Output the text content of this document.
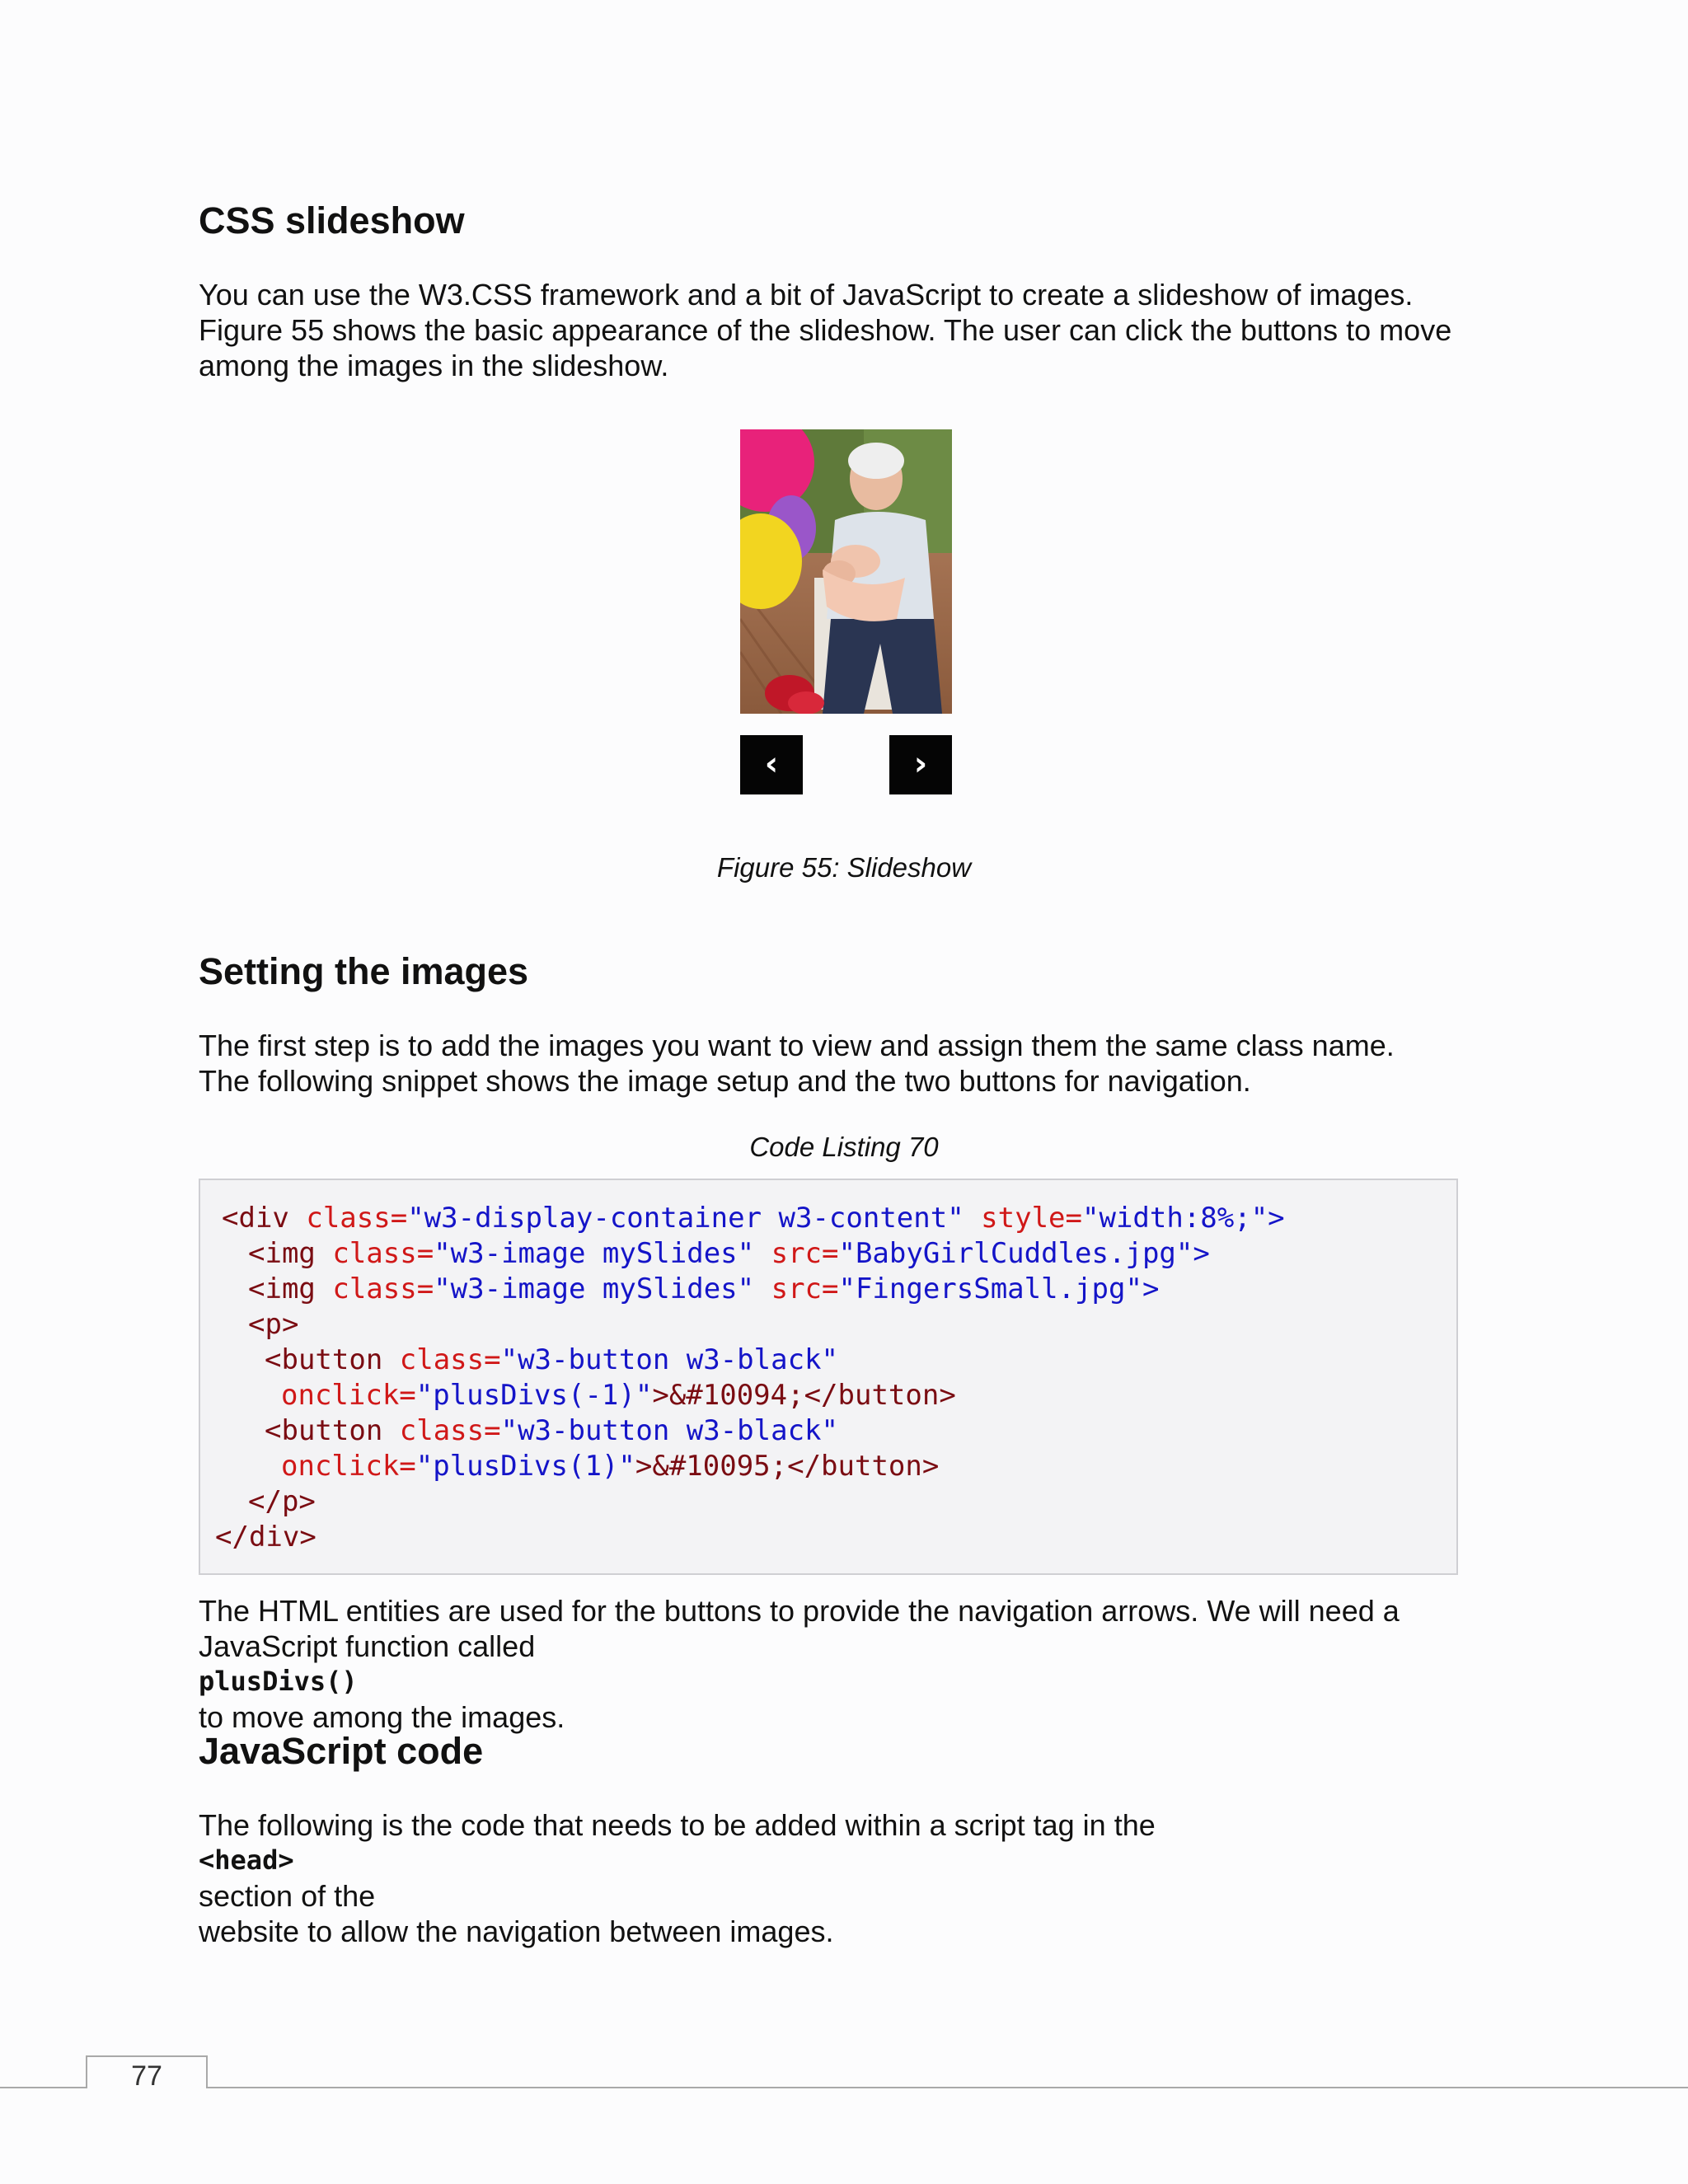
CSS slideshow

You can use the W3.CSS framework and a bit of JavaScript to create a slideshow of images.
Figure 55 shows the basic appearance of the slideshow. The user can click the buttons to move
among the images in the slideshow.

‹	›
Figure 55: Slideshow
Setting the images

The first step is to add the images you want to view and assign them the same class name.
The following snippet shows the image setup and the two buttons for navigation.

Code Listing 70
<div class="w3-display-container w3-content" style="width:8%;">
<img class="w3-image mySlides" src="BabyGirlCuddles.jpg">
<img class="w3-image mySlides" src="FingersSmall.jpg">
<p>
<button class="w3-button w3-black"
onclick="plusDivs(-1)">&#10094;</button>
<button class="w3-button w3-black"
onclick="plusDivs(1)">&#10095;</button>
</p>
</div>

The HTML entities are used for the buttons to provide the navigation arrows. We will need a
JavaScript function called
plusDivs()
to move among the images.

JavaScript code

The following is the code that needs to be added within a script tag in the
<head>
section of the
website to allow the navigation between images.

77
